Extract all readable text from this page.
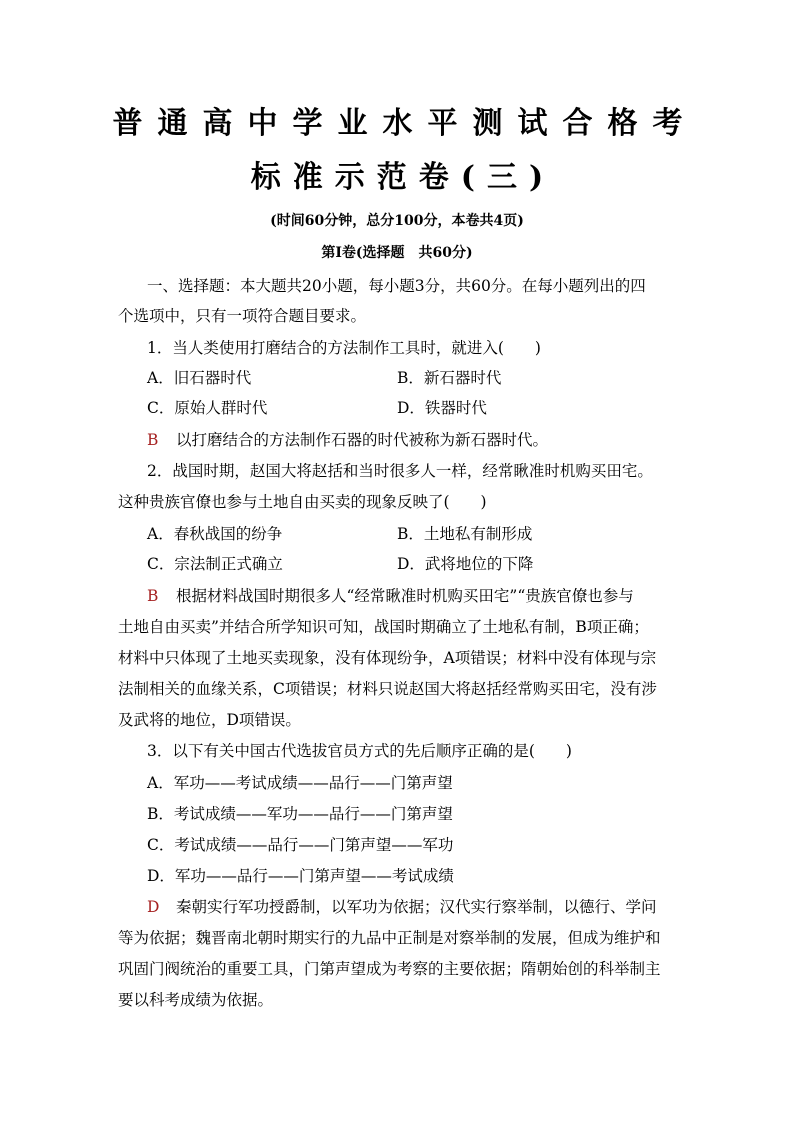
普通高中学业水平测试合格考
标准示范卷(三)
(时间60分钟，总分100分，本卷共4页)
第Ⅰ卷(选择题　共60分)
一、选择题：本大题共20小题，每小题3分，共60分。在每小题列出的四
个选项中，只有一项符合题目要求。
1．当人类使用打磨结合的方法制作工具时，就进入(　　)
A．旧石器时代	B．新石器时代
C．原始人群时代	D．铁器时代
B 以打磨结合的方法制作石器的时代被称为新石器时代。
2．战国时期，赵国大将赵括和当时很多人一样，经常瞅准时机购买田宅。
这种贵族官僚也参与土地自由买卖的现象反映了(　　)
A．春秋战国的纷争	B．土地私有制形成
C．宗法制正式确立	D．武将地位的下降
B 根据材料战国时期很多人“经常瞅准时机购买田宅”“贵族官僚也参与
土地自由买卖”并结合所学知识可知，战国时期确立了土地私有制，B项正确；
材料中只体现了土地买卖现象，没有体现纷争，A项错误；材料中没有体现与宗
法制相关的血缘关系，C项错误；材料只说赵国大将赵括经常购买田宅，没有涉
及武将的地位，D项错误。
3．以下有关中国古代选拔官员方式的先后顺序正确的是(　　)
A．军功——考试成绩——品行——门第声望
B．考试成绩——军功——品行——门第声望
C．考试成绩——品行——门第声望——军功
D．军功——品行——门第声望——考试成绩
D 秦朝实行军功授爵制，以军功为依据；汉代实行察举制，以德行、学问
等为依据；魏晋南北朝时期实行的九品中正制是对察举制的发展，但成为维护和
巩固门阀统治的重要工具，门第声望成为考察的主要依据；隋朝始创的科举制主
要以科考成绩为依据。
